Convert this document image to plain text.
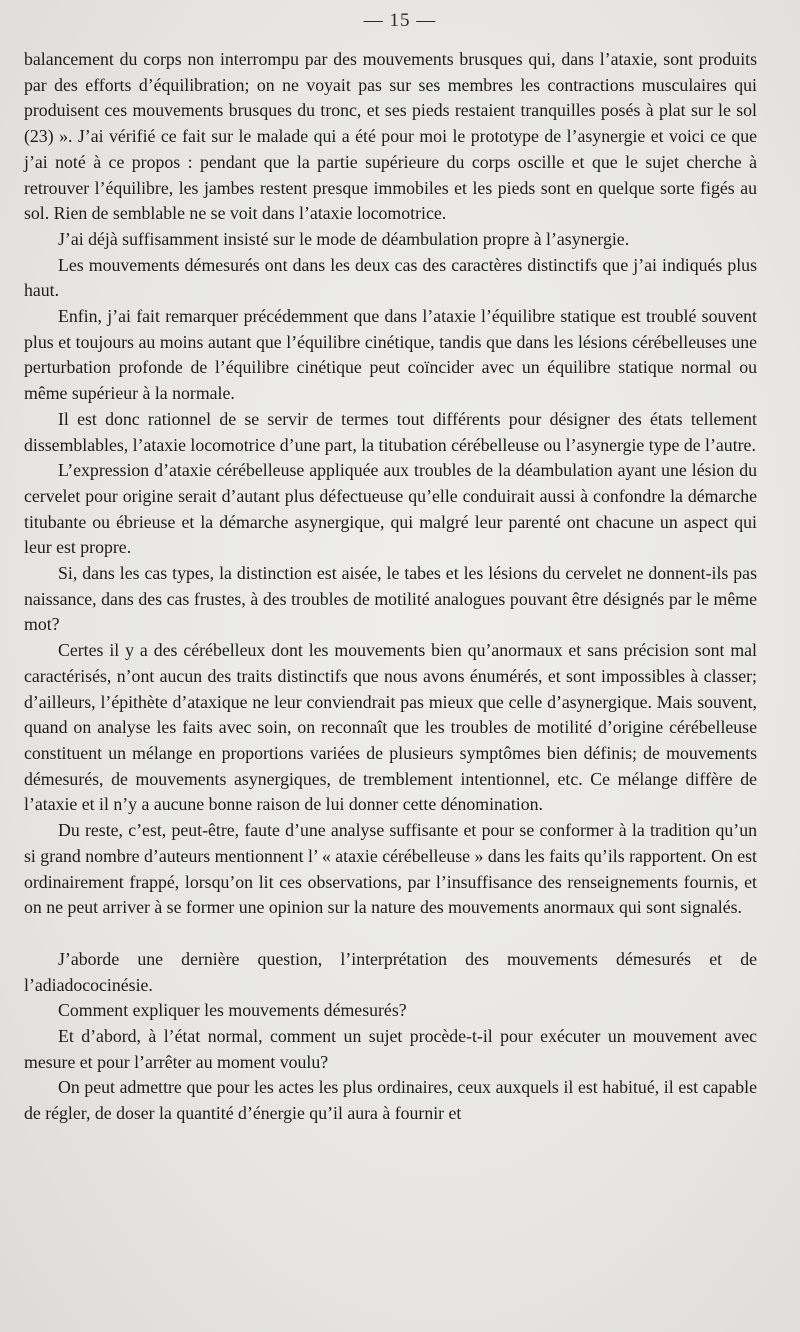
— 15 —

balancement du corps non interrompu par des mouvements brusques qui, dans l’ataxie, sont produits par des efforts d’équilibration; on ne voyait pas sur ses membres les contractions musculaires qui produisent ces mouvements brusques du tronc, et ses pieds restaient tranquilles posés à plat sur le sol (23) ». J’ai vérifié ce fait sur le malade qui a été pour moi le prototype de l’asynergie et voici ce que j’ai noté à ce propos : pendant que la partie supérieure du corps oscille et que le sujet cherche à retrouver l’équilibre, les jambes restent presque immobiles et les pieds sont en quelque sorte figés au sol. Rien de semblable ne se voit dans l’ataxie locomotrice.

J’ai déjà suffisamment insisté sur le mode de déambulation propre à l’asynergie.

Les mouvements démesurés ont dans les deux cas des caractères distinctifs que j’ai indiqués plus haut.

Enfin, j’ai fait remarquer précédemment que dans l’ataxie l’équilibre statique est troublé souvent plus et toujours au moins autant que l’équilibre cinétique, tandis que dans les lésions cérébelleuses une perturbation profonde de l’équilibre cinétique peut coïncider avec un équilibre statique normal ou même supérieur à la normale.

Il est donc rationnel de se servir de termes tout différents pour désigner des états tellement dissemblables, l’ataxie locomotrice d’une part, la titubation cérébelleuse ou l’asynergie type de l’autre.

L’expression d’ataxie cérébelleuse appliquée aux troubles de la déambulation ayant une lésion du cervelet pour origine serait d’autant plus défectueuse qu’elle conduirait aussi à confondre la démarche titubante ou ébrieuse et la démarche asynergique, qui malgré leur parenté ont chacune un aspect qui leur est propre.

Si, dans les cas types, la distinction est aisée, le tabes et les lésions du cervelet ne donnent-ils pas naissance, dans des cas frustes, à des troubles de motilité analogues pouvant être désignés par le même mot?

Certes il y a des cérébelleux dont les mouvements bien qu’anormaux et sans précision sont mal caractérisés, n’ont aucun des traits distinctifs que nous avons énumérés, et sont impossibles à classer; d’ailleurs, l’épithète d’ataxique ne leur conviendrait pas mieux que celle d’asynergique. Mais souvent, quand on analyse les faits avec soin, on reconnaît que les troubles de motilité d’origine cérébelleuse constituent un mélange en proportions variées de plusieurs symptômes bien définis; de mouvements démesurés, de mouvements asynergiques, de tremblement intentionnel, etc. Ce mélange diffère de l’ataxie et il n’y a aucune bonne raison de lui donner cette dénomination.

Du reste, c’est, peut-être, faute d’une analyse suffisante et pour se conformer à la tradition qu’un si grand nombre d’auteurs mentionnent l’ « ataxie cérébelleuse » dans les faits qu’ils rapportent. On est ordinairement frappé, lorsqu’on lit ces observations, par l’insuffisance des renseignements fournis, et on ne peut arriver à se former une opinion sur la nature des mouvements anormaux qui sont signalés.

J’aborde une dernière question, l’interprétation des mouvements démesurés et de l’adiadococinésie.

Comment expliquer les mouvements démesurés?

Et d’abord, à l’état normal, comment un sujet procède-t-il pour exécuter un mouvement avec mesure et pour l’arrêter au moment voulu?

On peut admettre que pour les actes les plus ordinaires, ceux auxquels il est habitué, il est capable de régler, de doser la quantité d’énergie qu’il aura à fournir et
